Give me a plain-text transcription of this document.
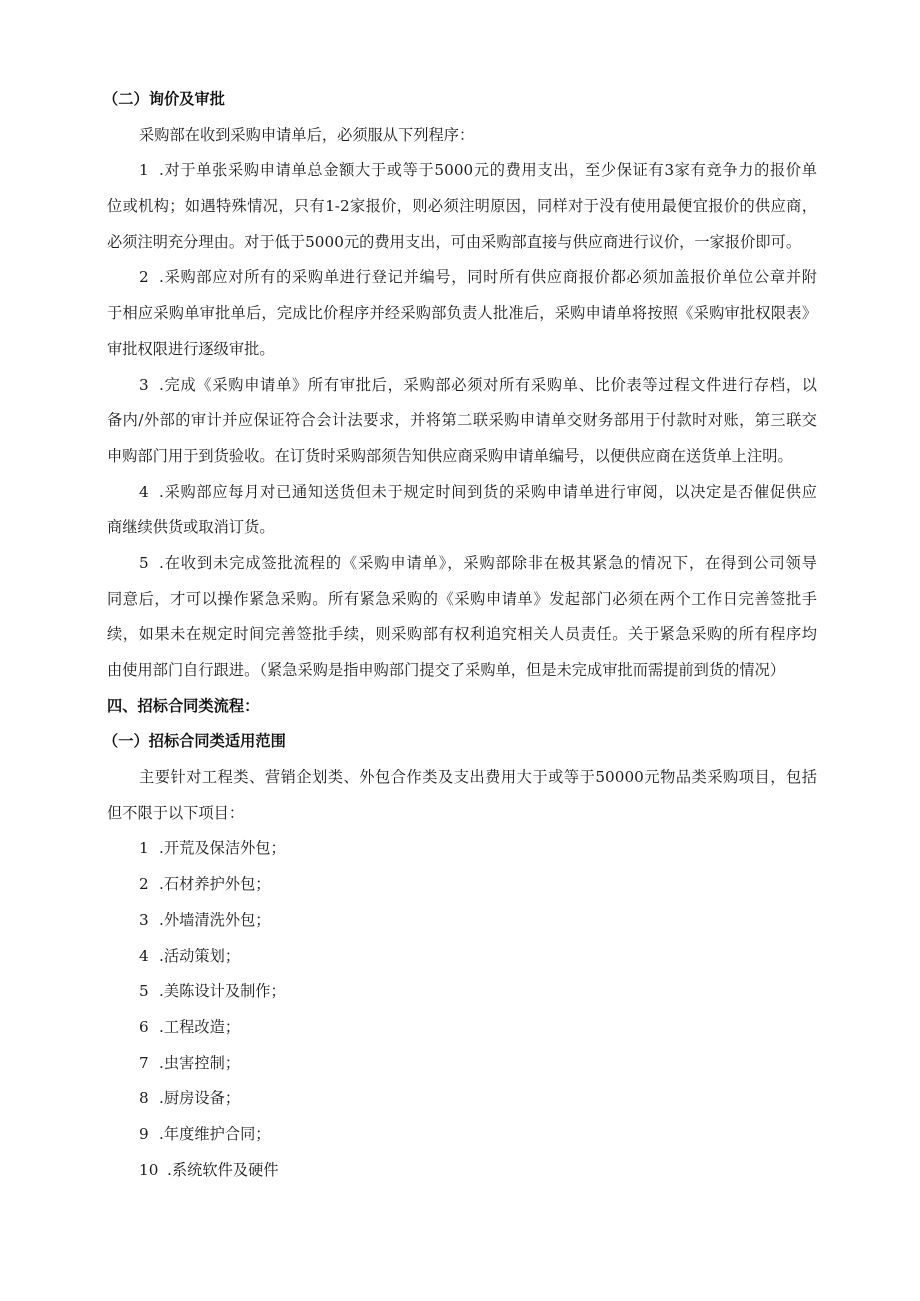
（二）询价及审批
采购部在收到采购申请单后，必须服从下列程序：
1 .对于单张采购申请单总金额大于或等于5000元的费用支出，至少保证有3家有竞争力的报价单
位或机构；如遇特殊情况，只有1-2家报价，则必须注明原因，同样对于没有使用最便宜报价的供应商，
必须注明充分理由。对于低于5000元的费用支出，可由采购部直接与供应商进行议价，一家报价即可。
2 .采购部应对所有的采购单进行登记并编号，同时所有供应商报价都必须加盖报价单位公章并附
于相应采购单审批单后，完成比价程序并经采购部负责人批准后，采购申请单将按照《采购审批权限表》
审批权限进行逐级审批。
3 .完成《采购申请单》所有审批后，采购部必须对所有采购单、比价表等过程文件进行存档，以
备内/外部的审计并应保证符合会计法要求，并将第二联采购申请单交财务部用于付款时对账，第三联交
申购部门用于到货验收。在订货时采购部须告知供应商采购申请单编号，以便供应商在送货单上注明。
4 .采购部应每月对已通知送货但未于规定时间到货的采购申请单进行审阅，以决定是否催促供应
商继续供货或取消订货。
5 .在收到未完成签批流程的《采购申请单》，采购部除非在极其紧急的情况下，在得到公司领导
同意后，才可以操作紧急采购。所有紧急采购的《采购申请单》发起部门必须在两个工作日完善签批手
续，如果未在规定时间完善签批手续，则采购部有权利追究相关人员责任。关于紧急采购的所有程序均
由使用部门自行跟进。（紧急采购是指申购部门提交了采购单，但是未完成审批而需提前到货的情况）
四、招标合同类流程：
（一）招标合同类适用范围
主要针对工程类、营销企划类、外包合作类及支出费用大于或等于50000元物品类采购项目，包括
但不限于以下项目：
1 .开荒及保洁外包；
2 .石材养护外包；
3 .外墙清洗外包；
4 .活动策划；
5 .美陈设计及制作；
6 .工程改造；
7 .虫害控制；
8 .厨房设备；
9 .年度维护合同；
10 .系统软件及硬件
